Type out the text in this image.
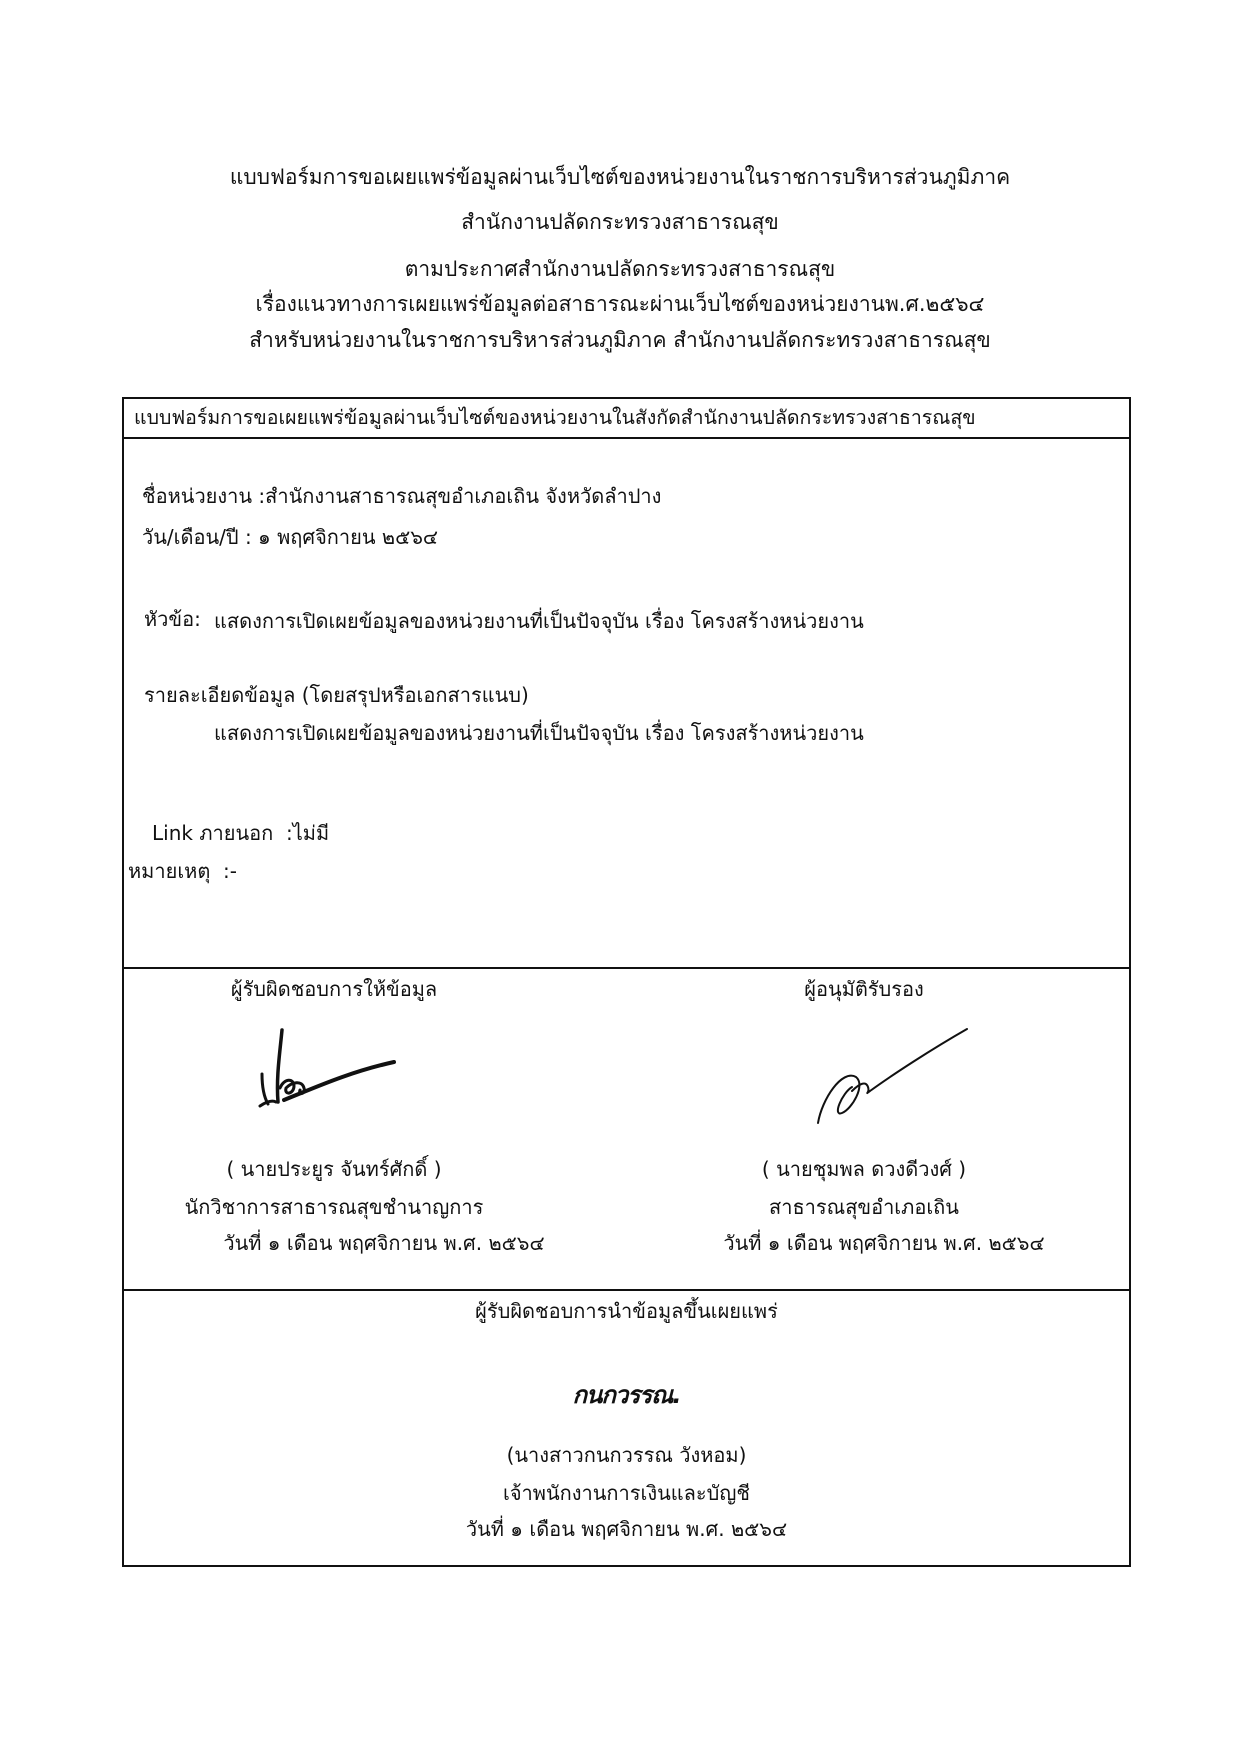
แบบฟอร์มการขอเผยแพร่ข้อมูลผ่านเว็บไซต์ของหน่วยงานในราชการบริหารส่วนภูมิภาค
สำนักงานปลัดกระทรวงสาธารณสุข
ตามประกาศสำนักงานปลัดกระทรวงสาธารณสุข
เรื่องแนวทางการเผยแพร่ข้อมูลต่อสาธารณะผ่านเว็บไซต์ของหน่วยงานพ.ศ.๒๕๖๔
สำหรับหน่วยงานในราชการบริหารส่วนภูมิภาค สำนักงานปลัดกระทรวงสาธารณสุข
แบบฟอร์มการขอเผยแพร่ข้อมูลผ่านเว็บไซต์ของหน่วยงานในสังกัดสำนักงานปลัดกระทรวงสาธารณสุข
ชื่อหน่วยงาน :สำนักงานสาธารณสุขอำเภอเถิน จังหวัดลำปาง
วัน/เดือน/ปี : ๑ พฤศจิกายน ๒๕๖๔
หัวข้อ: แสดงการเปิดเผยข้อมูลของหน่วยงานที่เป็นปัจจุบัน เรื่อง โครงสร้างหน่วยงาน
รายละเอียดข้อมูล (โดยสรุปหรือเอกสารแนบ)
แสดงการเปิดเผยข้อมูลของหน่วยงานที่เป็นปัจจุบัน เรื่อง โครงสร้างหน่วยงาน
Link ภายนอก :ไม่มี
หมายเหตุ :-
ผู้รับผิดชอบการให้ข้อมูล
( นายประยูร จันทร์ศักดิ์ )
นักวิชาการสาธารณสุขชำนาญการ
วันที่ ๑ เดือน พฤศจิกายน พ.ศ. ๒๕๖๔
ผู้อนุมัติรับรอง
( นายชุมพล ดวงดีวงศ์ )
สาธารณสุขอำเภอเถิน
วันที่ ๑ เดือน พฤศจิกายน พ.ศ. ๒๕๖๔
ผู้รับผิดชอบการนำข้อมูลขึ้นเผยแพร่
กนกวรรณ.
(นางสาวกนกวรรณ วังหอม)
เจ้าพนักงานการเงินและบัญชี
วันที่ ๑ เดือน พฤศจิกายน พ.ศ. ๒๕๖๔
